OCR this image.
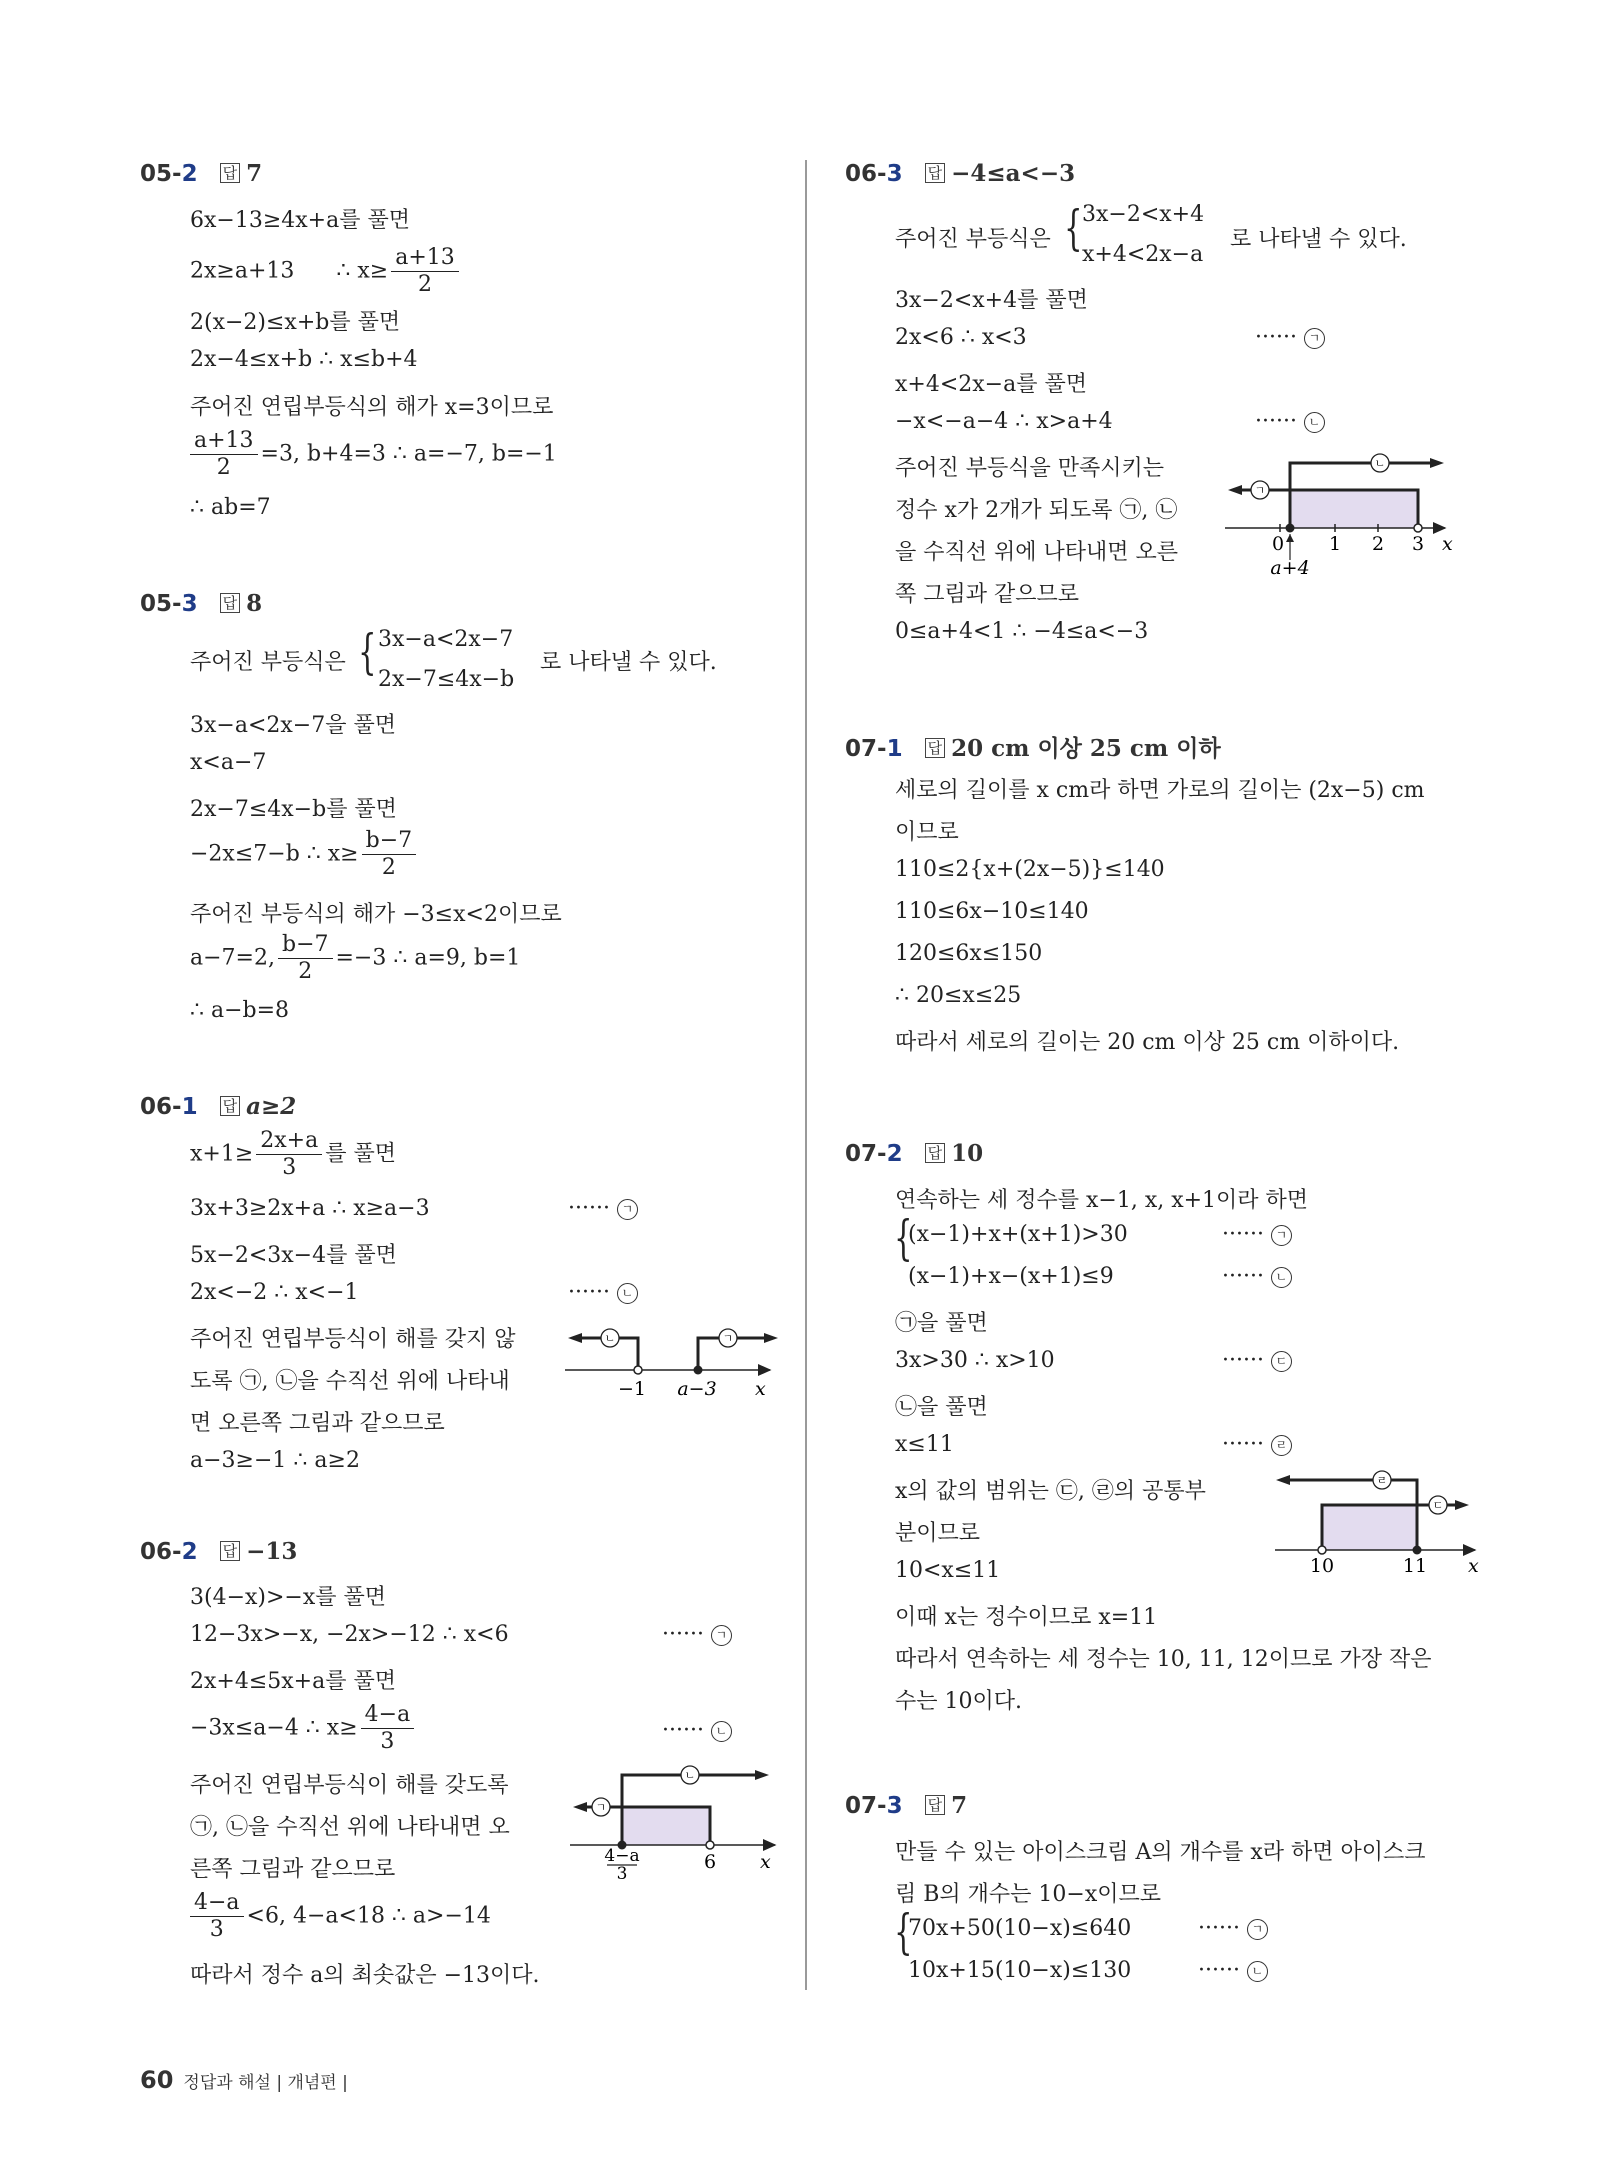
05-2 답 7
6x−13≥4x+a를 풀면
2x≥a+13 ∴ $x\ge \frac{a+13}{2}$
2(x−2)≤x+b를 풀면
2x−4≤x+b ∴ x≤b+4
주어진 연립부등식의 해가 x=3이므로
$\frac{a+13}{2} =3$, b+4=3 ∴ a=−7, b=−1
∴ ab=7
05-3 답 8
주어진 부등식은 { 3x−a<2x−7
2x−7≤4x−b
로 나타낼 수 있다.
3x−a<2x−7을 풀면
x<a−7
2x−7≤4x−b를 풀면
−2x≤7−b ∴ $x\ge \frac{b-7}{2}$
주어진 부등식의 해가 −3≤x<2이므로
a−7=2, $\frac{b-7}{2} =-3$ ∴ a=9, b=1
∴ a−b=8
06-1 답 a≥2
$x+1\ge \frac{2x+a}{3}$ 를 풀면
3x+3≥2x+a ∴ x≥a−3	······ ㄱ
5x−2<3x−4를 풀면
2x<−2 ∴ x<−1	······ ㄴ
주어진 연립부등식이 해를 갖지 않
도록 ㉠, ㉡을 수직선 위에 나타내
면 오른쪽 그림과 같으므로
a−3≥−1 ∴ a≥2
ㄴ	ㄱ
−1 a−3 x
06-2 답 −13
3(4−x)>−x를 풀면
12−3x>−x, −2x>−12 ∴ x<6	······ ㄱ
2x+4≤5x+a를 풀면
−3x≤a−4 ∴ $x\ge \frac{4-a}{3}$	······ ㄴ
주어진 연립부등식이 해를 갖도록
㉠, ㉡을 수직선 위에 나타내면 오
른쪽 그림과 같으므로
$\frac{4-a}{3} <6$, 4−a<18 ∴ a>−14
따라서 정수 a의 최솟값은 −13이다.
ㄱ
ㄴ
4−a
3
6 x
60 정답과 해설 | 개념편 |
06-3 답 −4≤a<−3
주어진 부등식은 { 3x−2<x+4
x+4<2x−a
로 나타낼 수 있다.
3x−2<x+4를 풀면
2x<6 ∴ x<3	······ ㄱ
x+4<2x−a를 풀면
−x<−a−4 ∴ x>a+4	······ ㄴ
주어진 부등식을 만족시키는
정수 x가 2개가 되도록 ㉠, ㉡
을 수직선 위에 나타내면 오른
쪽 그림과 같으므로
0≤a+4<1 ∴ −4≤a<−3
ㄱ
ㄴ
0 1 2 3 x
a+4
07-1 답 20 cm 이상 25 cm 이하
세로의 길이를 x cm라 하면 가로의 길이는 (2x−5) cm
이므로
110≤2{x+(2x−5)}≤140
110≤6x−10≤140
120≤6x≤150
∴ 20≤x≤25
따라서 세로의 길이는 20 cm 이상 25 cm 이하이다.
07-2 답 10
연속하는 세 정수를 x−1, x, x+1이라 하면
{
(x−1)+x+(x+1)>30	······ ㄱ
(x−1)+x−(x+1)≤9	······ ㄴ
㉠을 풀면
3x>30 ∴ x>10	······ ㄷ
㉡을 풀면
x≤11	······ ㄹ
x의 값의 범위는 ㉢, ㉣의 공통부
분이므로
10<x≤11
이때 x는 정수이므로 x=11
따라서 연속하는 세 정수는 10, 11, 12이므로 가장 작은
수는 10이다.
ㄹ
ㄷ
10	11 x
07-3 답 7
만들 수 있는 아이스크림 A의 개수를 x라 하면 아이스크
림 B의 개수는 10−x이므로
{
70x+50(10−x)≤640	······ ㄱ
10x+15(10−x)≤130	······ ㄴ
